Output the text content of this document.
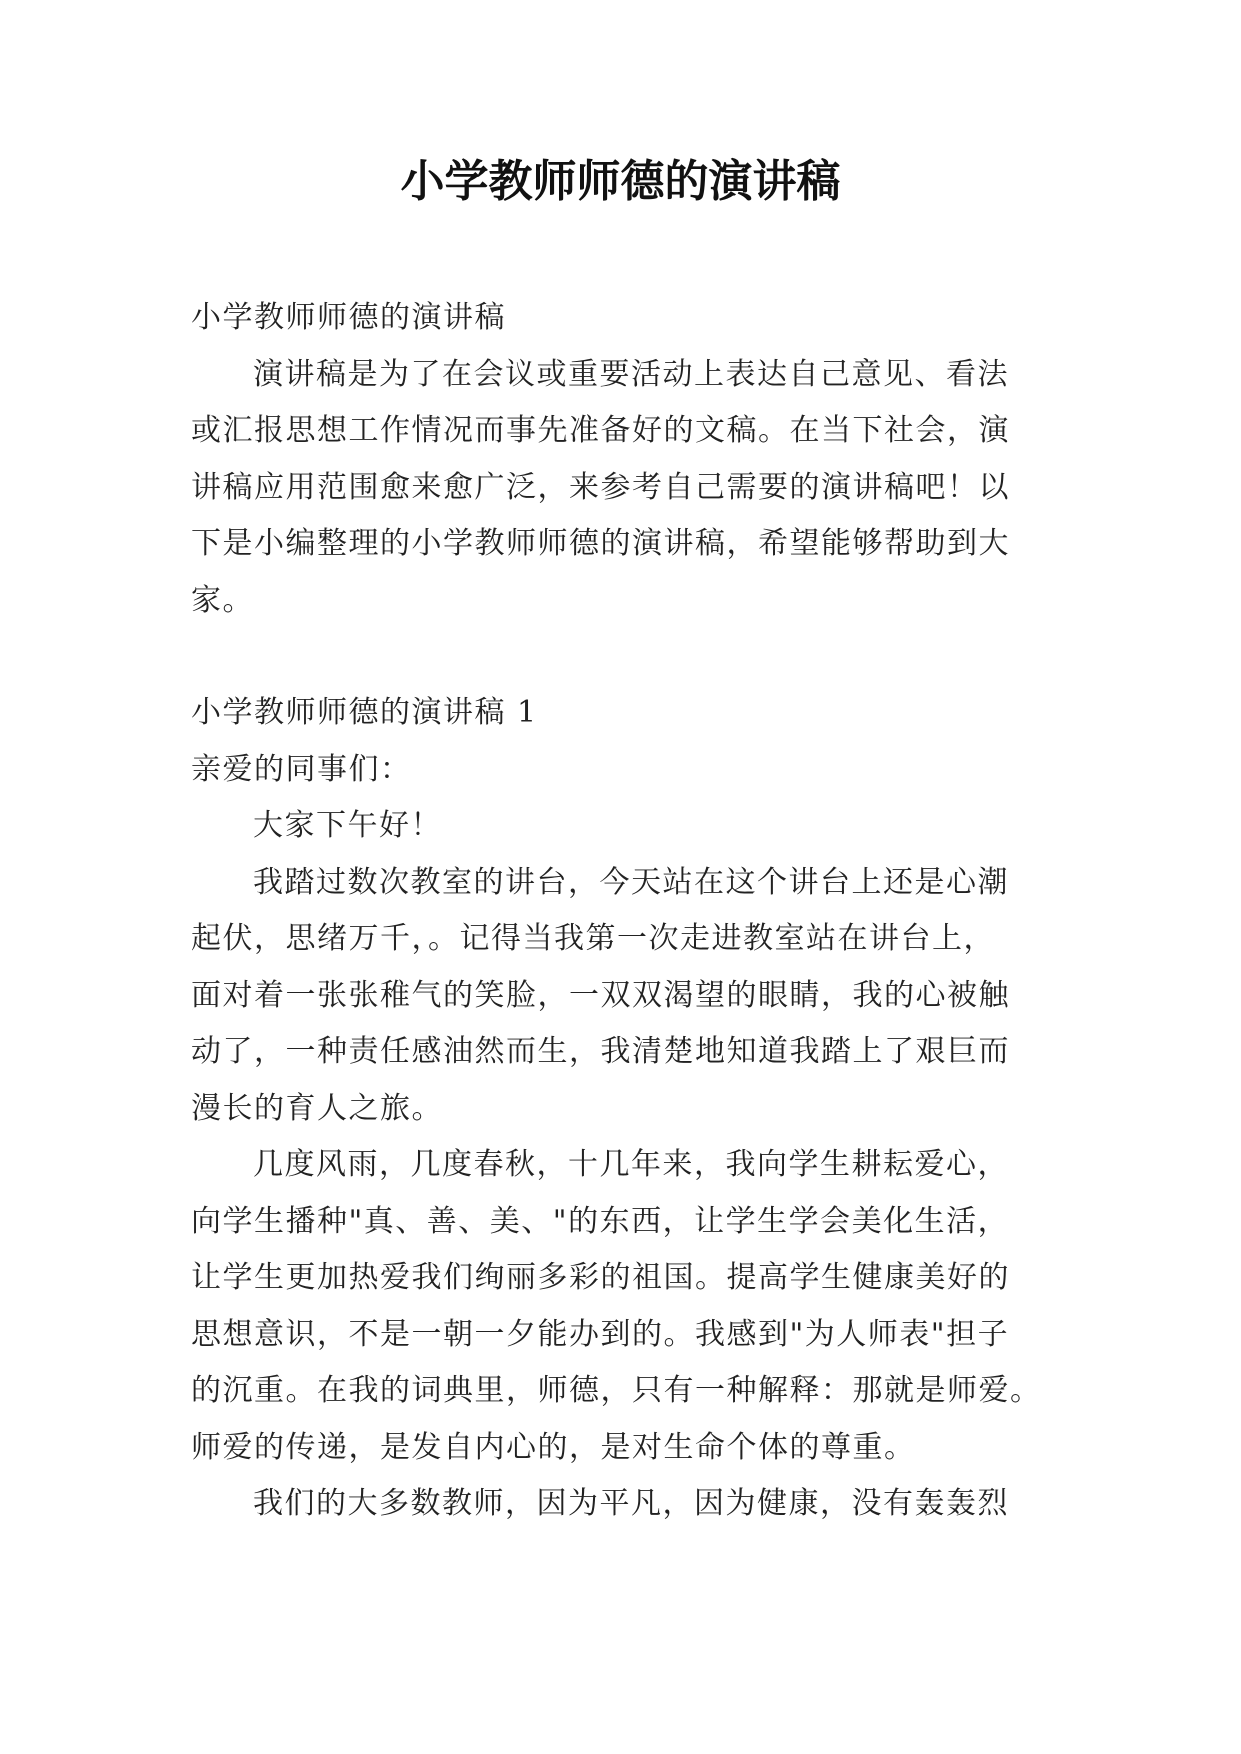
小学教师师德的演讲稿

小学教师师德的演讲稿

演讲稿是为了在会议或重要活动上表达自己意见、看法

或汇报思想工作情况而事先准备好的文稿。在当下社会，演

讲稿应用范围愈来愈广泛，来参考自己需要的演讲稿吧！以

下是小编整理的小学教师师德的演讲稿，希望能够帮助到大

家。

小学教师师德的演讲稿 1

亲爱的同事们：

大家下午好！

我踏过数次教室的讲台，今天站在这个讲台上还是心潮

起伏，思绪万千，。记得当我第一次走进教室站在讲台上，

面对着一张张稚气的笑脸，一双双渴望的眼睛，我的心被触

动了，一种责任感油然而生，我清楚地知道我踏上了艰巨而

漫长的育人之旅。

几度风雨，几度春秋，十几年来，我向学生耕耘爱心，

向学生播种"真、善、美、"的东西，让学生学会美化生活，

让学生更加热爱我们绚丽多彩的祖国。提高学生健康美好的

思想意识，不是一朝一夕能办到的。我感到"为人师表"担子

的沉重。在我的词典里，师德，只有一种解释：那就是师爱。

师爱的传递，是发自内心的，是对生命个体的尊重。

我们的大多数教师，因为平凡，因为健康，没有轰轰烈
